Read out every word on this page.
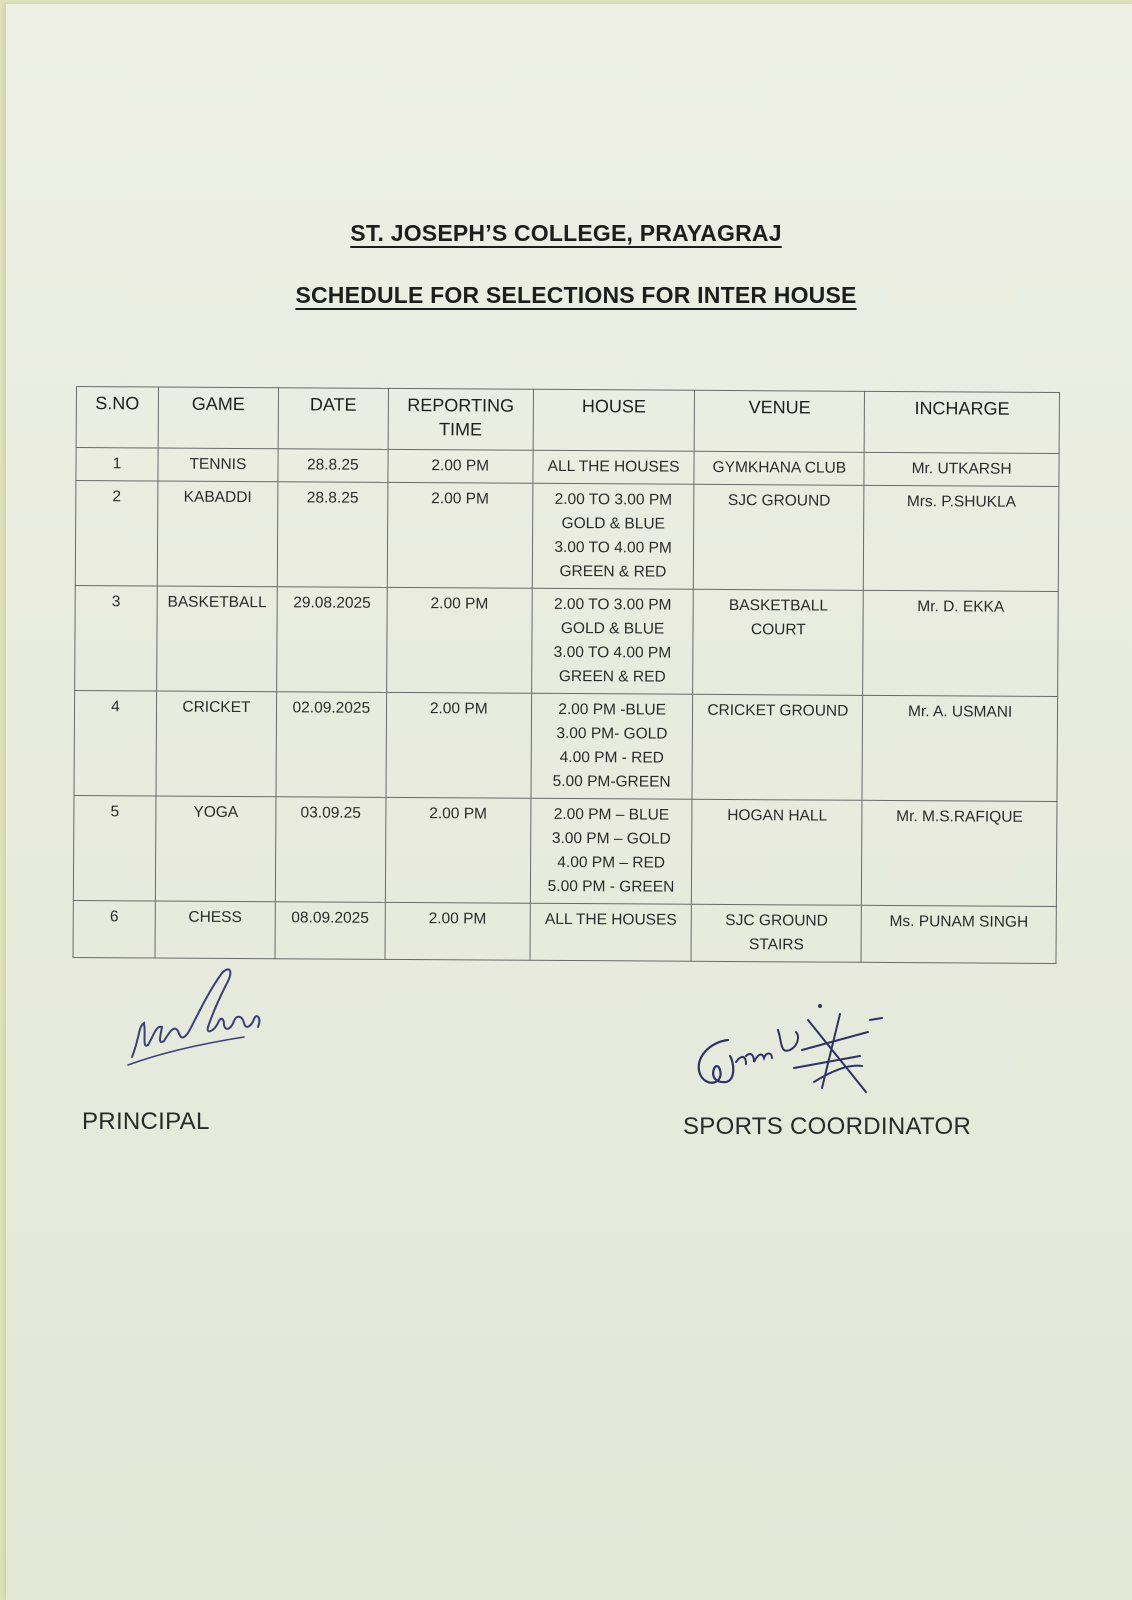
ST. JOSEPH’S COLLEGE, PRAYAGRAJ
SCHEDULE FOR SELECTIONS FOR INTER HOUSE
S.NO	GAME	DATE	REPORTING TIME	HOUSE	VENUE	INCHARGE
1	TENNIS	28.8.25	2.00 PM	ALL THE HOUSES	GYMKHANA CLUB	Mr. UTKARSH
2	KABADDI	28.8.25	2.00 PM	2.00 TO 3.00 PM
GOLD & BLUE
3.00 TO 4.00 PM
GREEN & RED	SJC GROUND	Mrs. P.SHUKLA
3	BASKETBALL	29.08.2025	2.00 PM	2.00 TO 3.00 PM
GOLD & BLUE
3.00 TO 4.00 PM
GREEN & RED	BASKETBALL
COURT	Mr. D. EKKA
4	CRICKET	02.09.2025	2.00 PM	2.00 PM -BLUE
3.00 PM- GOLD
4.00 PM - RED
5.00 PM-GREEN	CRICKET GROUND	Mr. A. USMANI
5	YOGA	03.09.25	2.00 PM	2.00 PM – BLUE
3.00 PM – GOLD
4.00 PM – RED
5.00 PM - GREEN	HOGAN HALL	Mr. M.S.RAFIQUE
6	CHESS	08.09.2025	2.00 PM	ALL THE HOUSES	SJC GROUND
STAIRS	Ms. PUNAM SINGH
PRINCIPAL	SPORTS COORDINATOR
